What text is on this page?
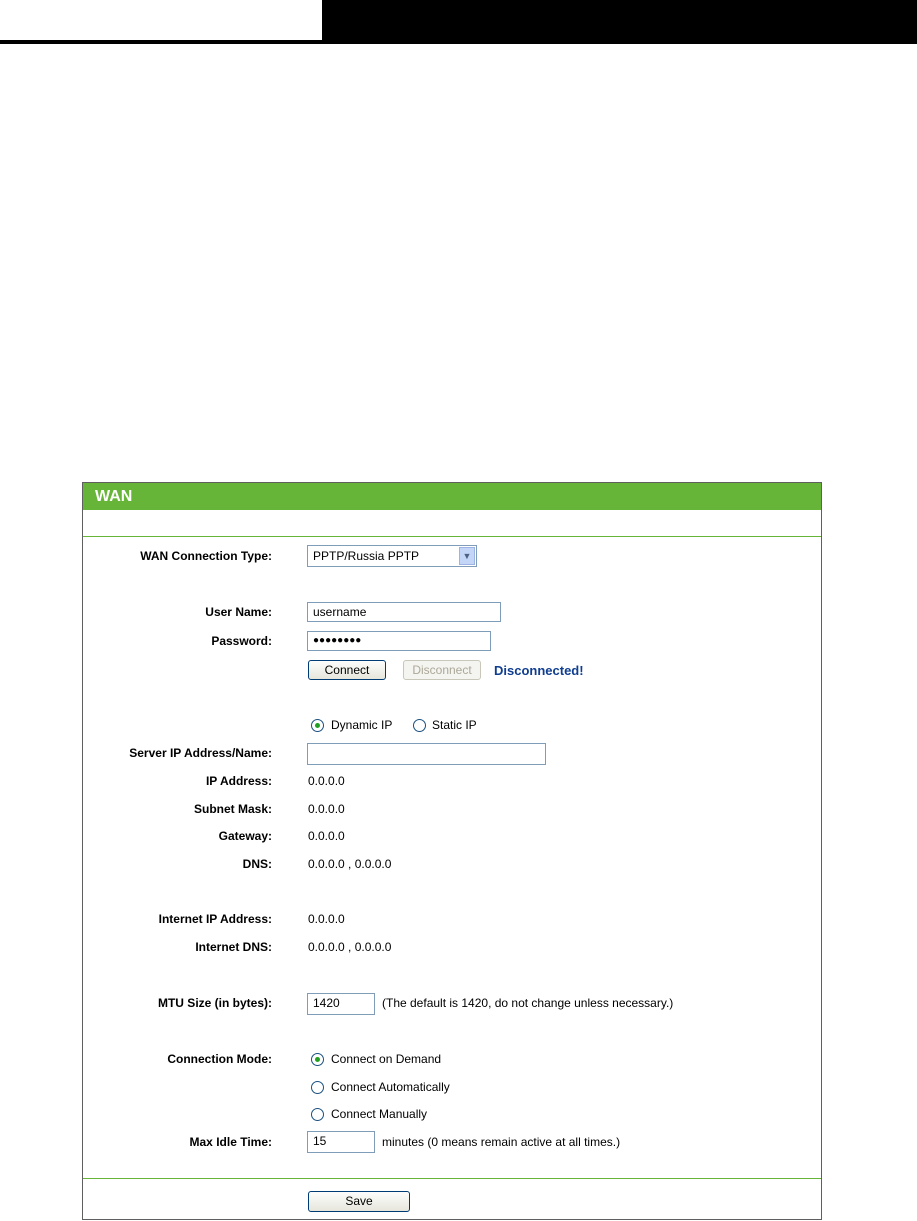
WAN
WAN Connection Type:	PPTP/Russia PPTP	▼
User Name:	username
Password:	●●●●●●●●
Connect	Disconnect	Disconnected!
Dynamic IP	Static IP
Server IP Address/Name:
IP Address:	0.0.0.0
Subnet Mask:	0.0.0.0
Gateway:	0.0.0.0
DNS:	0.0.0.0 , 0.0.0.0
Internet IP Address:	0.0.0.0
Internet DNS:	0.0.0.0 , 0.0.0.0
MTU Size (in bytes):	1420	(The default is 1420, do not change unless necessary.)
Connection Mode:	Connect on Demand
Connect Automatically
Connect Manually
Max Idle Time:	15	minutes (0 means remain active at all times.)
Save
